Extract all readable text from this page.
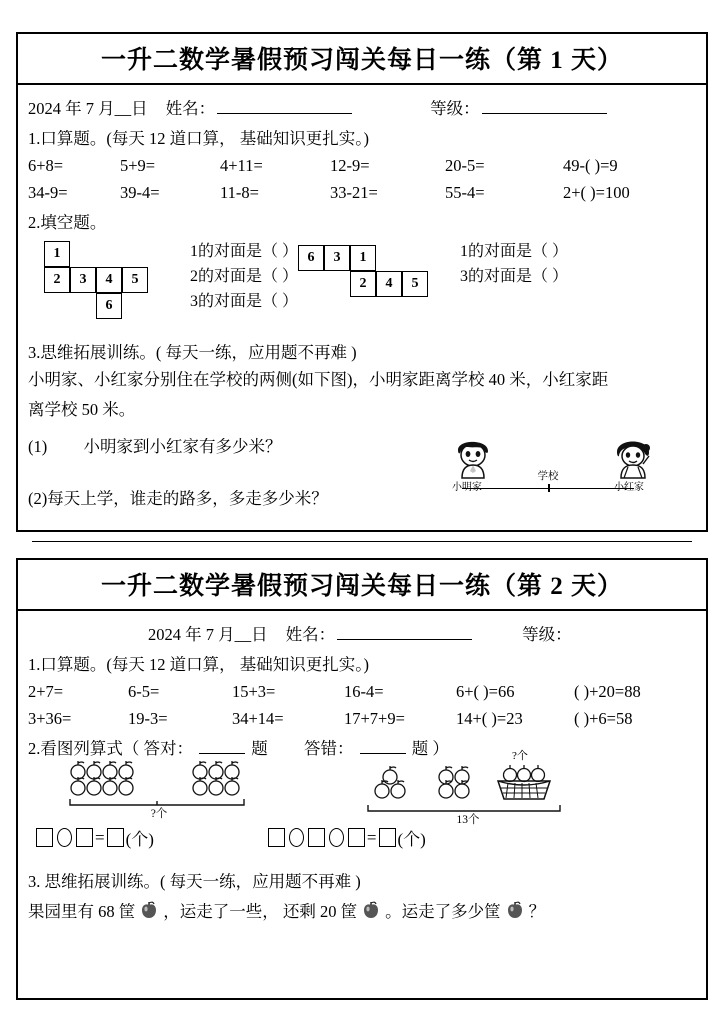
一升二数学暑假预习闯关每日一练（第 1 天）
2024 年 7 月__日 姓名：	等级：
1.口算题。(每天 12 道口算， 基础知识更扎实。)
6+8=	5+9=	4+11=	12-9=	20-5=	49-( )=9
34-9=	39-4=	11-8=	33-21=	55-4=	2+( )=100
2.填空题。
1
2	3	4	5
6
1的对面是（ ）
2的对面是（ ）
3的对面是（ ）
6	3	1
2	4	5
1的对面是（ ）
3的对面是（ ）
3.思维拓展训练。( 每天一练，应用题不再难 )
小明家、小红家分别住在学校的两侧(如下图)，小明家距离学校 40 米，小红家距
离学校 50 米。
(1) 小明家到小红家有多少米？
(2)每天上学，谁走的路多，多走多少米？
小明家	小红家
学校
一升二数学暑假预习闯关每日一练（第 2 天）
2024 年 7 月__日 姓名：	等级：
1.口算题。(每天 12 道口算， 基础知识更扎实。)
2+7=	6-5=	15+3=	16-4=	6+( )=66	( )+20=88
3+36=	19-3=	34+14=	17+7+9=	14+( )=23	( )+6=58
2.看图列算式（ 答对：	题 答错：	题 ）
?个
?个
13个
= (个)	= (个)
3. 思维拓展训练。( 每天一练，应用题不再难 )
果园里有 68 筐 ，运走了一些， 还剩 20 筐 。运走了多少筐 ？
